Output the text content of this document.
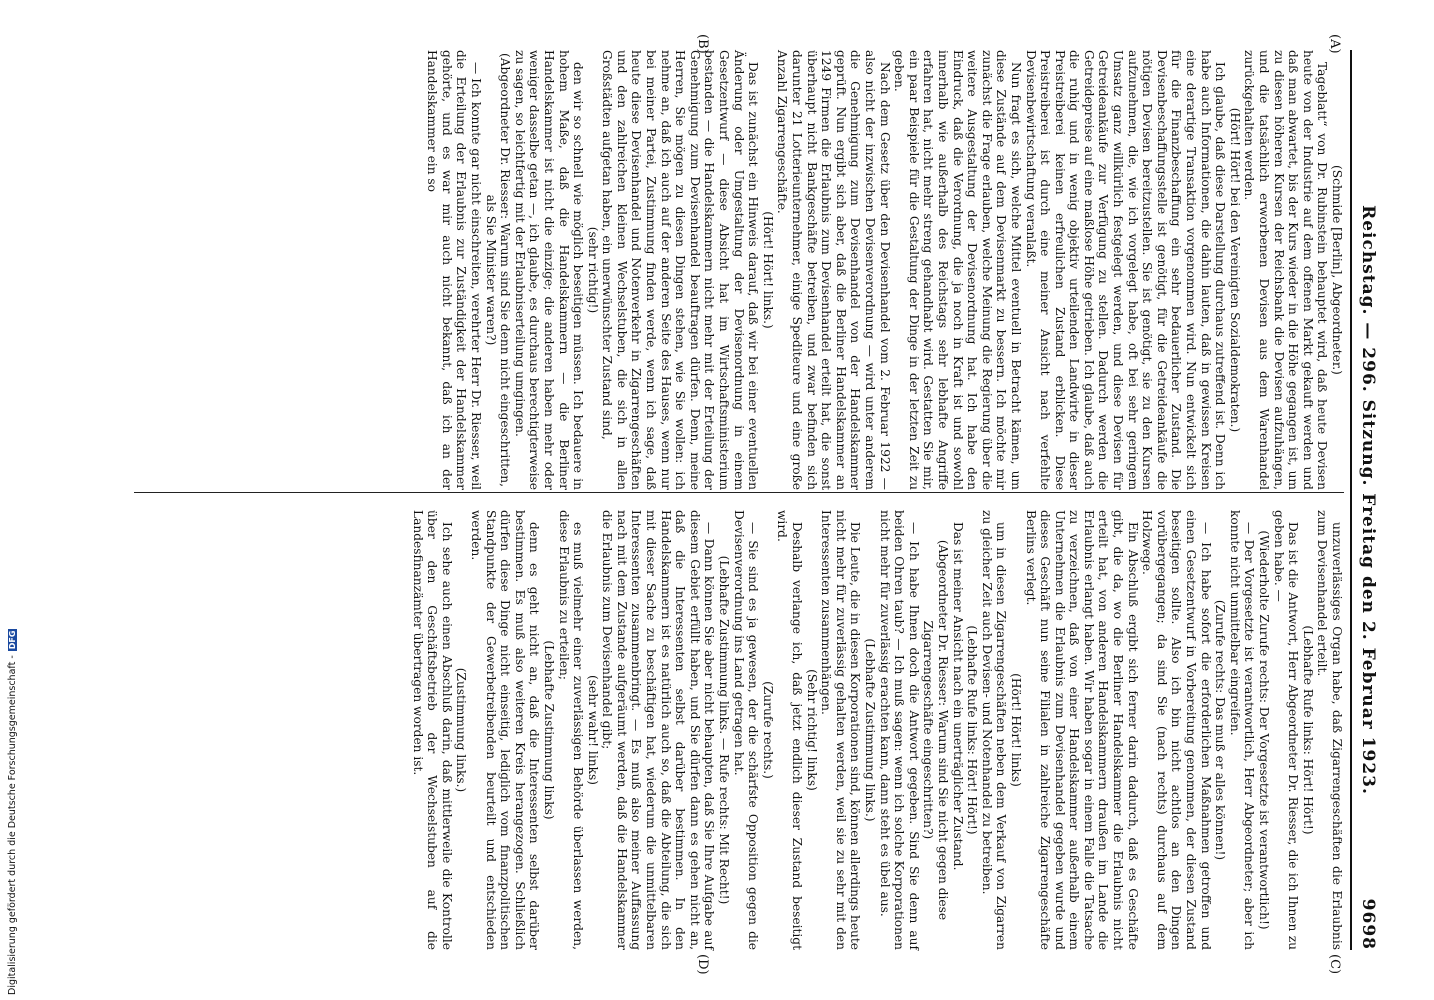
Reichstag. — 296. Sitzung. Freitag den 2. Februar 1923.
9698
(A)
(B)
(C)
(D)

(Schmide [Berlin], Abgeordneter.)

Tageblatt“ von Dr. Rubinstein behauptet wird, daß heute Devisen heute von der Industrie auf dem offenen Markt gekauft werden und daß man abwartet, bis der Kurs wieder in die Höhe gegangen ist, um zu diesen höheren Kursen der Reichsbank die Devisen aufzuhängen, und die tatsächlich erworbenen Devisen aus dem Warenhandel zurückgehalten werden.

(Hört! Hört! bei den Vereinigten Sozialdemokraten.)

Ich glaube, daß diese Darstellung durchaus zutreffend ist. Denn ich habe auch Informationen, die dahin lauten, daß in gewissen Kreisen eine derartige Transaktion vorgenommen wird. Nun entwickelt sich für die Finanzbeschaffung ein sehr bedauerlicher Zustand. Die Devisenbeschaffungsstelle ist genötigt, für die Getreideankäufe die nötigen Devisen bereitzustellen. Sie ist genötigt, sie zu den Kursen aufzunehmen, die, wie ich vorgelegt habe, oft bei sehr geringem Umsatz ganz willkürlich festgelegt werden, und diese Devisen für Getreideankäufe zur Verfügung zu stellen. Dadurch werden die Getreidepreise auf eine maßlose Höhe getrieben. Ich glaube, daß auch die ruhig und in wenig objektiv urteilenden Landwirte in dieser Preistreiberei keinen erfreulichen Zustand erblicken. Diese Preistreiberei ist durch eine meiner Ansicht nach verfehlte Devisenbewirtschaftung veranlaßt.

Nun fragt es sich, welche Mittel eventuell in Betracht kämen, um diese Zustände auf dem Devisenmarkt zu bessern. Ich möchte mir zunächst die Frage erlauben, welche Meinung die Regierung über die weitere Ausgestaltung der Devisenordnung hat. Ich habe den Eindruck, daß die Verordnung, die ja noch in Kraft ist und sowohl innerhalb wie außerhalb des Reichstags sehr lebhafte Angriffe erfahren hat, nicht mehr streng gehandhabt wird. Gestatten Sie mir, ein paar Beispiele für die Gestaltung der Dinge in der letzten Zeit zu geben.

Nach dem Gesetz über den Devisenhandel vom 2. Februar 1922 — also nicht der inzwischen Devisenverordnung — wird unter anderem die Genehmigung zum Devisenhandel von der Handelskammer geprüft. Nun ergibt sich aber, daß die Berliner Handelskammer an 1249 Firmen die Erlaubnis zum Devisenhandel erteilt hat, die sonst überhaupt nicht Bankgeschäfte betreiben, und zwar befinden sich darunter 21 Lotterieunternehmer, einige Spediteure und eine große Anzahl Zigarrengeschäfte.

(Hört! Hört! links.)

Das ist zunächst ein Hinweis darauf, daß wir bei einer eventuellen Änderung oder Umgestaltung der Devisenordnung in einem Gesetzentwurf — diese Absicht hat im Wirtschaftsministerium bestanden — die Handelskammern nicht mehr mit der Erteilung der Genehmigung zum Devisenhandel beauftragen dürfen. Denn, meine Herren, Sie mögen zu diesen Dingen stehen, wie Sie wollen: ich nehme an, daß ich auch auf der anderen Seite des Hauses, wenn nur bei meiner Partei, Zustimmung finden werde, wenn ich sage, daß heute diese Devisenhandel und Notenverkehr in Zigarrengeschäften und den zahlreichen kleinen Wechselstuben, die sich in allen Großstädten aufgetan haben, ein unerwünschter Zustand sind,

(sehr richtig!)

den wir so schnell wie möglich beseitigen müssen. Ich bedauere in hohem Maße, daß die Handelskammern — die Berliner Handelskammer ist nicht die einzige; die anderen haben mehr oder weniger dasselbe getan —, ich glaube, es durchaus berechtigterweise zu sagen, so leichtfertig mit der Erlaubniserteilung umgingen.

(Abgeordneter Dr. Riesser: Warum sind Sie denn nicht eingeschritten, als Sie Minister waren?)

— Ich konnte gar nicht einschreiten, verehrter Herr Dr. Riesser, weil die Erteilung der Erlaubnis zur Zuständigkeit der Handelskammer gehörte, und es war mir auch nicht bekannt, daß ich an der Handelskammer ein so

unzuverlässiges Organ habe, daß Zigarrengeschäften die Erlaubnis zum Devisenhandel erteilt.

(Lebhafte Rufe links: Hört! Hört!)

Das ist die Antwort, Herr Abgeordneter Dr. Riesser, die ich Ihnen zu geben habe. —

(Wiederholte Zurufe rechts: Der Vorgesetzte ist verantwortlich!)

— Der Vorgesetzte ist verantwortlich, Herr Abgeordneter; aber ich konnte nicht unmittelbar eingreifen.

(Zurufe rechts: Das muß er alles können!)

— Ich habe sofort die erforderlichen Maßnahmen getroffen und einen Gesetzentwurf in Vorbereitung genommen, der diesen Zustand beseitigen sollte. Also ich bin nicht achtlos an den Dingen vorübergegangen; da sind Sie (nach rechts) durchaus auf dem Holzwege.

Ein Abschluß ergibt sich ferner darin dadurch, daß es Geschäfte gibt, die da, wo die Berliner Handelskammer die Erlaubnis nicht erteilt hat, von anderen Handelskammern draußen im Lande die Erlaubnis erlangt haben. Wir haben sogar in einem Falle die Tatsache zu verzeichnen, daß von einer Handelskammer außerhalb einem Unternehmen die Erlaubnis zum Devisenhandel gegeben wurde und dieses Geschäft nun seine Filialen in zahlreiche Zigarrengeschäfte Berlins verlegt.

(Hört! Hört! links)

um in diesen Zigarrengeschäften neben dem Verkauf von Zigarren zu gleicher Zeit auch Devisen- und Notenhandel zu betreiben.

(Lebhafte Rufe links: Hört! Hört!)

Das ist meiner Ansicht nach ein unerträglicher Zustand.

(Abgeordneter Dr. Riesser: Warum sind Sie nicht gegen diese Zigarrengeschäfte eingeschritten?)

— Ich habe Ihnen doch die Antwort gegeben. Sind Sie denn auf beiden Ohren taub? — Ich muß sagen: wenn ich solche Korporationen nicht mehr für zuverlässig erachten kann, dann steht es übel aus.

(Lebhafte Zustimmung links.)

Die Leute, die in diesen Korporationen sind, können allerdings heute nicht mehr für zuverlässig gehalten werden, weil sie zu sehr mit den Interessenten zusammenhängen.

(Sehr richtig! links)

Deshalb verlange ich, daß jetzt endlich dieser Zustand beseitigt wird.

(Zurufe rechts.)

— Sie sind es ja gewesen, der die schärfste Opposition gegen die Devisenverordnung ins Land getragen hat.

(Lebhafte Zustimmung links. — Rufe rechts: Mit Recht!)

— Dann können Sie aber nicht behaupten, daß Sie Ihre Aufgabe auf diesem Gebiet erfüllt haben, und Sie dürfen dann es gehen nicht an, daß die Interessenten selbst darüber bestimmen. In den Handelskammern ist es natürlich auch so, daß die Abteilung, die sich mit dieser Sache zu beschäftigen hat, wiederum die unmittelbaren Interessenten zusammenbringt. — Es muß also meiner Auffassung nach mit dem Zustande aufgeräumt werden, daß die Handelskammer die Erlaubnis zum Devisenhandel gibt;

(sehr wahr! links)

es muß vielmehr einer zuverlässigen Behörde überlassen werden, diese Erlaubnis zu erteilen;

(Lebhafte Zustimmung links)

denn es geht nicht an, daß die Interessenten selbst darüber bestimmen. Es muß also weiteren Kreis herangezogen. Schließlich dürfen diese Dinge nicht einseitig, lediglich vom finanzpolitischen Standpunkte der Gewerbetreibenden beurteilt und entschieden werden.

(Zustimmung links.)

Ich sehe auch einen Abschluß darin, daß mittlerweile die Kontrolle über den Geschäftsbetrieb der Wechselstuben auf die Landesfinanzämter übertragen worden ist.

Digitalisierung gefördert durch die Deutsche Forschungsgemeinschaft -DFG
